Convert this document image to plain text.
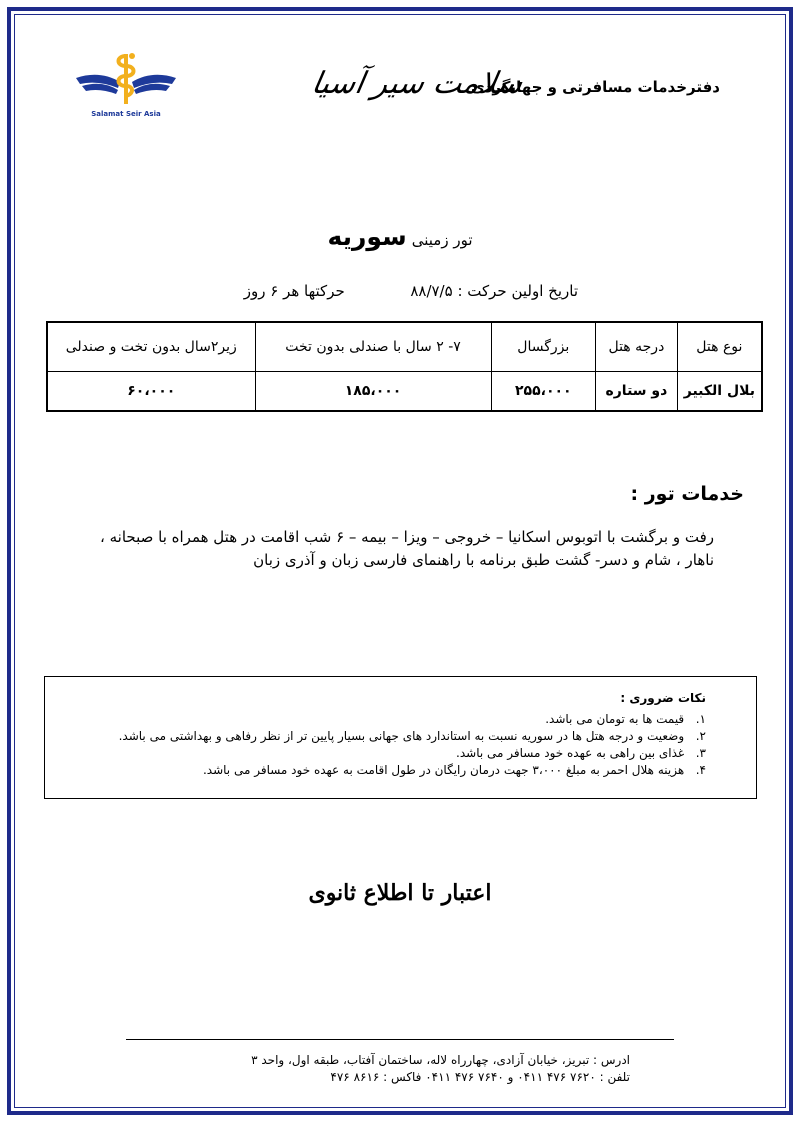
Salamat Seir Asia
دفترخدمات مسافرتی و جهانگردی
سلامت سیر آسیا
تور زمینی سوریه
تاریخ اولین حرکت : ۸۸/۷/۵  حرکتها هر ۶ روز
نوع هتل	درجه هتل	بزرگسال	۷- ۲ سال با صندلی بدون تخت	زیر۲سال بدون تخت و صندلی
بلال الکبیر	دو ستاره	۲۵۵،۰۰۰	۱۸۵،۰۰۰	۶۰،۰۰۰
خدمات تور :
رفت و برگشت با اتوبوس اسکانیا – خروجی – ویزا – بیمه – ۶ شب اقامت در هتل همراه با صبحانه ، ناهار ، شام و دسر- گشت طبق برنامه با راهنمای فارسی زبان و آذری زبان
نکات ضروری :
۱. قیمت ها به تومان می باشد.
۲. وضعیت و درجه هتل ها در سوریه نسبت به استاندارد های جهانی بسیار پایین تر از نظر رفاهی و بهداشتی می باشد.
۳. غذای بین راهی به عهده خود مسافر می باشد.
۴. هزینه هلال احمر به مبلغ ۳،۰۰۰ جهت درمان رایگان در طول اقامت به عهده خود مسافر می باشد.
اعتبار تا اطلاع ثانوی
ادرس : تبریز، خیابان آزادی، چهارراه لاله، ساختمان آفتاب، طبقه اول، واحد ۳
تلفن : ۷۶۲۰ ۴۷۶ ۰۴۱۱ و ۷۶۴۰ ۴۷۶ ۰۴۱۱ فاکس : ۸۶۱۶ ۴۷۶
